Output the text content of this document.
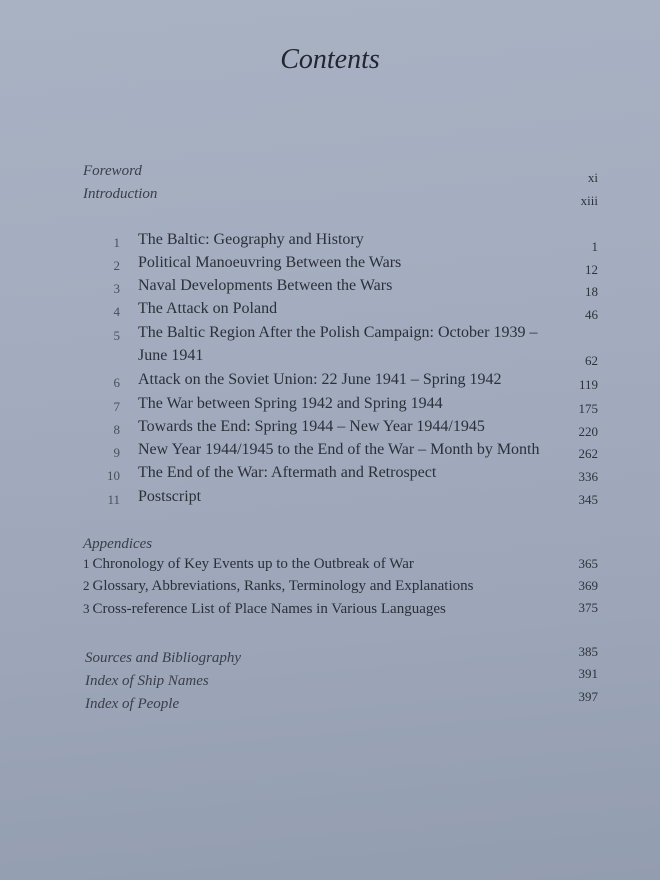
Contents
Foreword	xi
Introduction	xiii
1 The Baltic: Geography and History	1
2 Political Manoeuvring Between the Wars	12
3 Naval Developments Between the Wars	18
4 The Attack on Poland	46
5 The Baltic Region After the Polish Campaign: October 1939 –
June 1941	62
6 Attack on the Soviet Union: 22 June 1941 – Spring 1942	119
7 The War between Spring 1942 and Spring 1944	175
8 Towards the End: Spring 1944 – New Year 1944/1945	220
9 New Year 1944/1945 to the End of the War – Month by Month	262
10 The End of the War: Aftermath and Retrospect	336
11 Postscript	345
Appendices
1 Chronology of Key Events up to the Outbreak of War	365
2 Glossary, Abbreviations, Ranks, Terminology and Explanations	369
3 Cross-reference List of Place Names in Various Languages	375
Sources and Bibliography	385
Index of Ship Names	391
Index of People	397
